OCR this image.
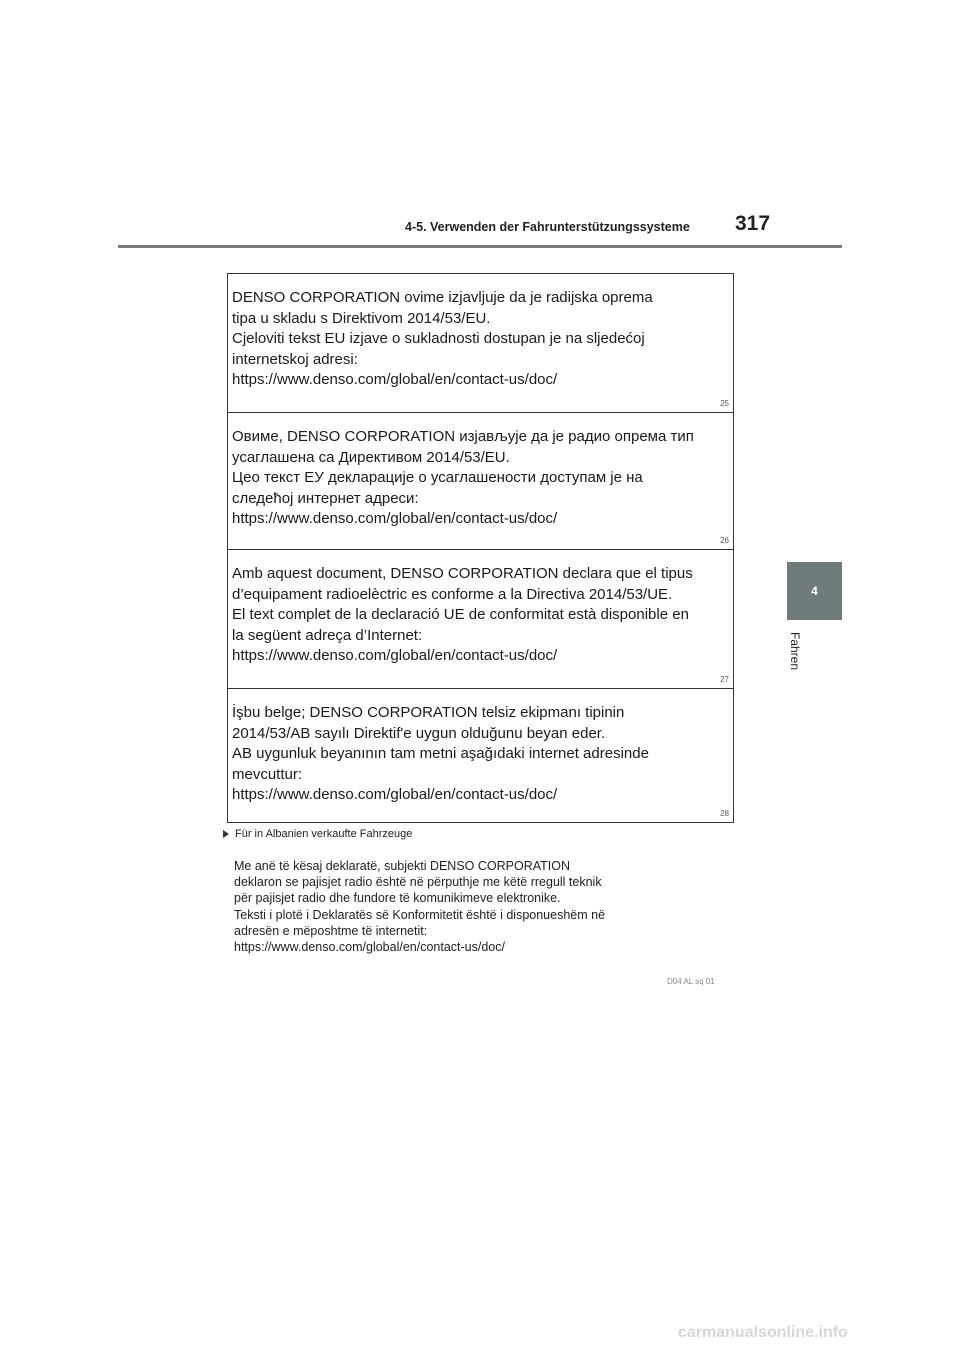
4-5. Verwenden der Fahrunterstützungssysteme 317
4
Fahren
DENSO CORPORATION ovime izjavljuje da je radijska oprema
tipa u skladu s Direktivom 2014/53/EU.
Cjeloviti tekst EU izjave o sukladnosti dostupan je na sljedećoj
internetskoj adresi:
https://www.denso.com/global/en/contact-us/doc/
25
Овиме, DENSO CORPORATION изјављује да је радио опрема тип
усаглашена са Директивом 2014/53/EU.
Цео текст ЕУ декларације о усаглашености доступам је на
следећој интернет адреси:
https://www.denso.com/global/en/contact-us/doc/
26
Amb aquest document, DENSO CORPORATION declara que el tipus
d’equipament radioelèctric es conforme a la Directiva 2014/53/UE.
El text complet de la declaració UE de conformitat està disponible en
la següent adreça d’Internet:
https://www.denso.com/global/en/contact-us/doc/
27
İşbu belge; DENSO CORPORATION telsiz ekipmanı tipinin
2014/53/AB sayılı Direktif'e uygun olduğunu beyan eder.
AB uygunluk beyanının tam metni aşağıdaki internet adresinde
mevcuttur:
https://www.denso.com/global/en/contact-us/doc/
28
Für in Albanien verkaufte Fahrzeuge
Me anë të kësaj deklaratë, subjekti DENSO CORPORATION
deklaron se pajisjet radio është në përputhje me këtë rregull teknik
për pajisjet radio dhe fundore të komunikimeve elektronike.
Teksti i plotë i Deklaratës së Konformitetit është i disponueshëm në
adresën e mëposhtme të internetit:
https://www.denso.com/global/en/contact-us/doc/
D04 AL sq 01
carmanualsonline.info
